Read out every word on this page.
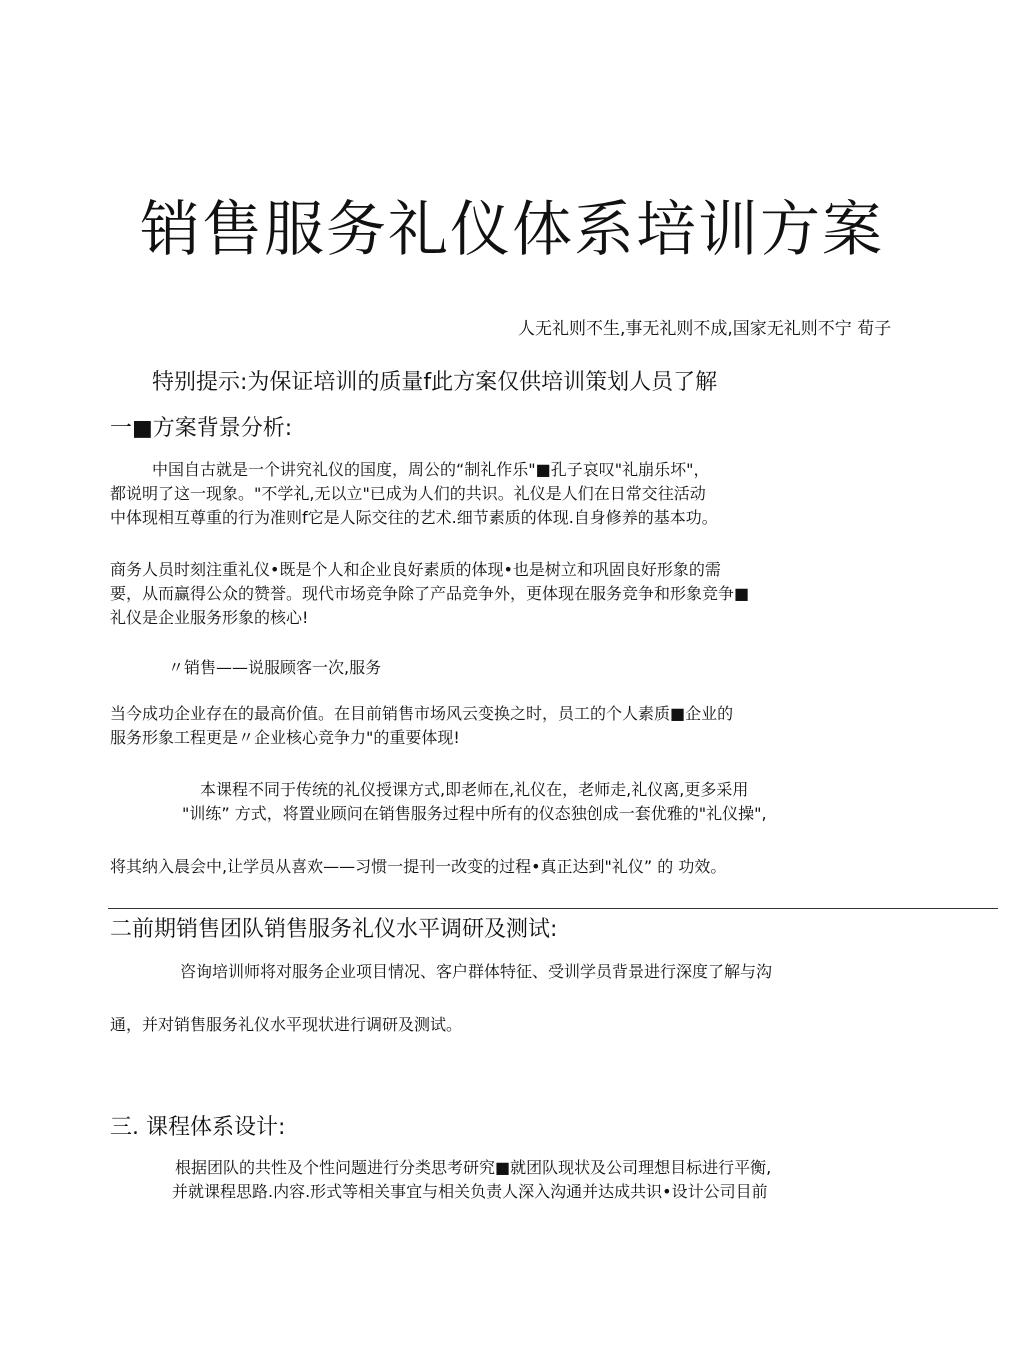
销售服务礼仪体系培训方案
人无礼则不生,事无礼则不成,国家无礼则不宁 荀子
特别提示:为保证培训的质量f此方案仅供培训策划人员了解
一■方案背景分析:
中国自古就是一个讲究礼仪的国度，周公的“制礼作乐"■孔子哀叹"礼崩乐坏"，
都说明了这一现象。"不学礼,无以立"已成为人们的共识。礼仪是人们在日常交往活动
中体现相互尊重的行为准则f它是人际交往的艺术.细节素质的体现.自身修养的基本功。
商务人员时刻注重礼仪•既是个人和企业良好素质的体现•也是树立和巩固良好形象的需
要，从而赢得公众的赞誉。现代市场竞争除了产品竞争外，更体现在服务竞争和形象竞争■
礼仪是企业服务形象的核心!
〃销售——说服顾客一次,服务
当今成功企业存在的最高价值。在目前销售市场风云变换之时，员工的个人素质■企业的
服务形象工程更是〃企业核心竞争力"的重要体现!
本课程不同于传统的礼仪授课方式,即老师在,礼仪在，老师走,礼仪离,更多采用
"训练” 方式，将置业顾问在销售服务过程中所有的仪态独创成一套优雅的"礼仪操",
将其纳入晨会中,让学员从喜欢——习惯一提刊一改变的过程•真正达到"礼仪” 的 功效。
二前期销售团队销售服务礼仪水平调研及测试:
咨询培训师将对服务企业项目情况、客户群体特征、受训学员背景进行深度了解与沟
通，并对销售服务礼仪水平现状进行调研及测试。
三. 课程体系设计:
根据团队的共性及个性问题进行分类思考研究■就团队现状及公司理想目标进行平衡,
并就课程思路.内容.形式等相关事宜与相关负责人深入沟通并达成共识•设计公司目前
